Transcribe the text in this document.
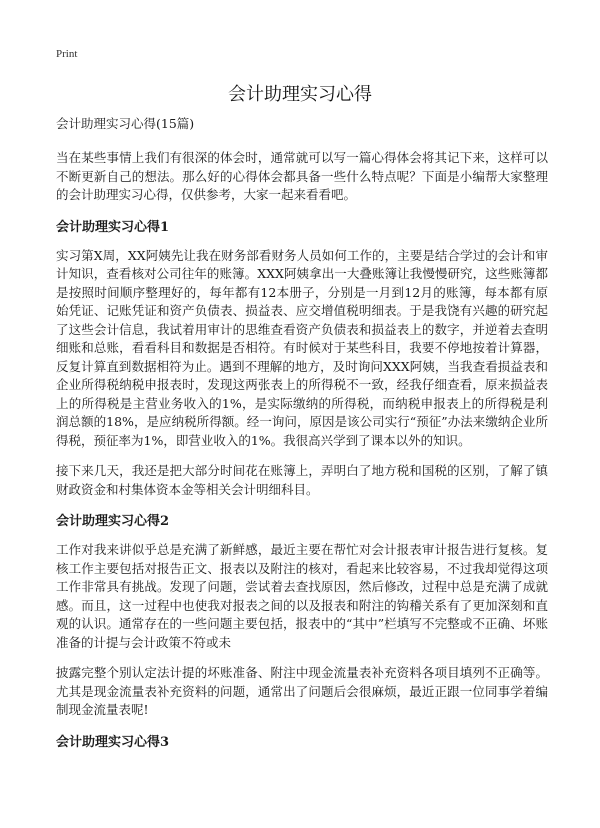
Print
会计助理实习心得
会计助理实习心得(15篇)

当在某些事情上我们有很深的体会时，通常就可以写一篇心得体会将其记下来，这样可以不断更新自己的想法。那么好的心得体会都具备一些什么特点呢？下面是小编帮大家整理的会计助理实习心得，仅供参考，大家一起来看看吧。

会计助理实习心得1

实习第X周，XX阿姨先让我在财务部看财务人员如何工作的，主要是结合学过的会计和审计知识，查看核对公司往年的账簿。XXX阿姨拿出一大叠账簿让我慢慢研究，这些账簿都是按照时间顺序整理好的，每年都有12本册子，分别是一月到12月的账簿，每本都有原始凭证、记账凭证和资产负债表、损益表、应交增值税明细表。于是我饶有兴趣的研究起了这些会计信息，我试着用审计的思维查看资产负债表和损益表上的数字，并逆着去查明细账和总账，看看科目和数据是否相符。有时候对于某些科目，我要不停地按着计算器，反复计算直到数据相符为止。遇到不理解的地方，及时询问XXX阿姨，当我查看损益表和企业所得税纳税申报表时，发现这两张表上的所得税不一致，经我仔细查看，原来损益表上的所得税是主营业务收入的1%，是实际缴纳的所得税，而纳税申报表上的所得税是利润总额的18%，是应纳税所得额。经一询问，原因是该公司实行“预征”办法来缴纳企业所得税，预征率为1%，即营业收入的1%。我很高兴学到了课本以外的知识。

接下来几天，我还是把大部分时间花在账簿上，弄明白了地方税和国税的区别，了解了镇财政资金和村集体资本金等相关会计明细科目。

会计助理实习心得2

工作对我来讲似乎总是充满了新鲜感，最近主要在帮忙对会计报表审计报告进行复核。复核工作主要包括对报告正文、报表以及附注的核对，看起来比较容易，不过我却觉得这项工作非常具有挑战。发现了问题，尝试着去查找原因，然后修改，过程中总是充满了成就感。而且，这一过程中也使我对报表之间的以及报表和附注的钩稽关系有了更加深刻和直观的认识。通常存在的一些问题主要包括，报表中的“其中”栏填写不完整或不正确、坏账准备的计提与会计政策不符或未

披露完整个别认定法计提的坏账准备、附注中现金流量表补充资料各项目填列不正确等。尤其是现金流量表补充资料的问题，通常出了问题后会很麻烦，最近正跟一位同事学着编制现金流量表呢!

会计助理实习心得3
